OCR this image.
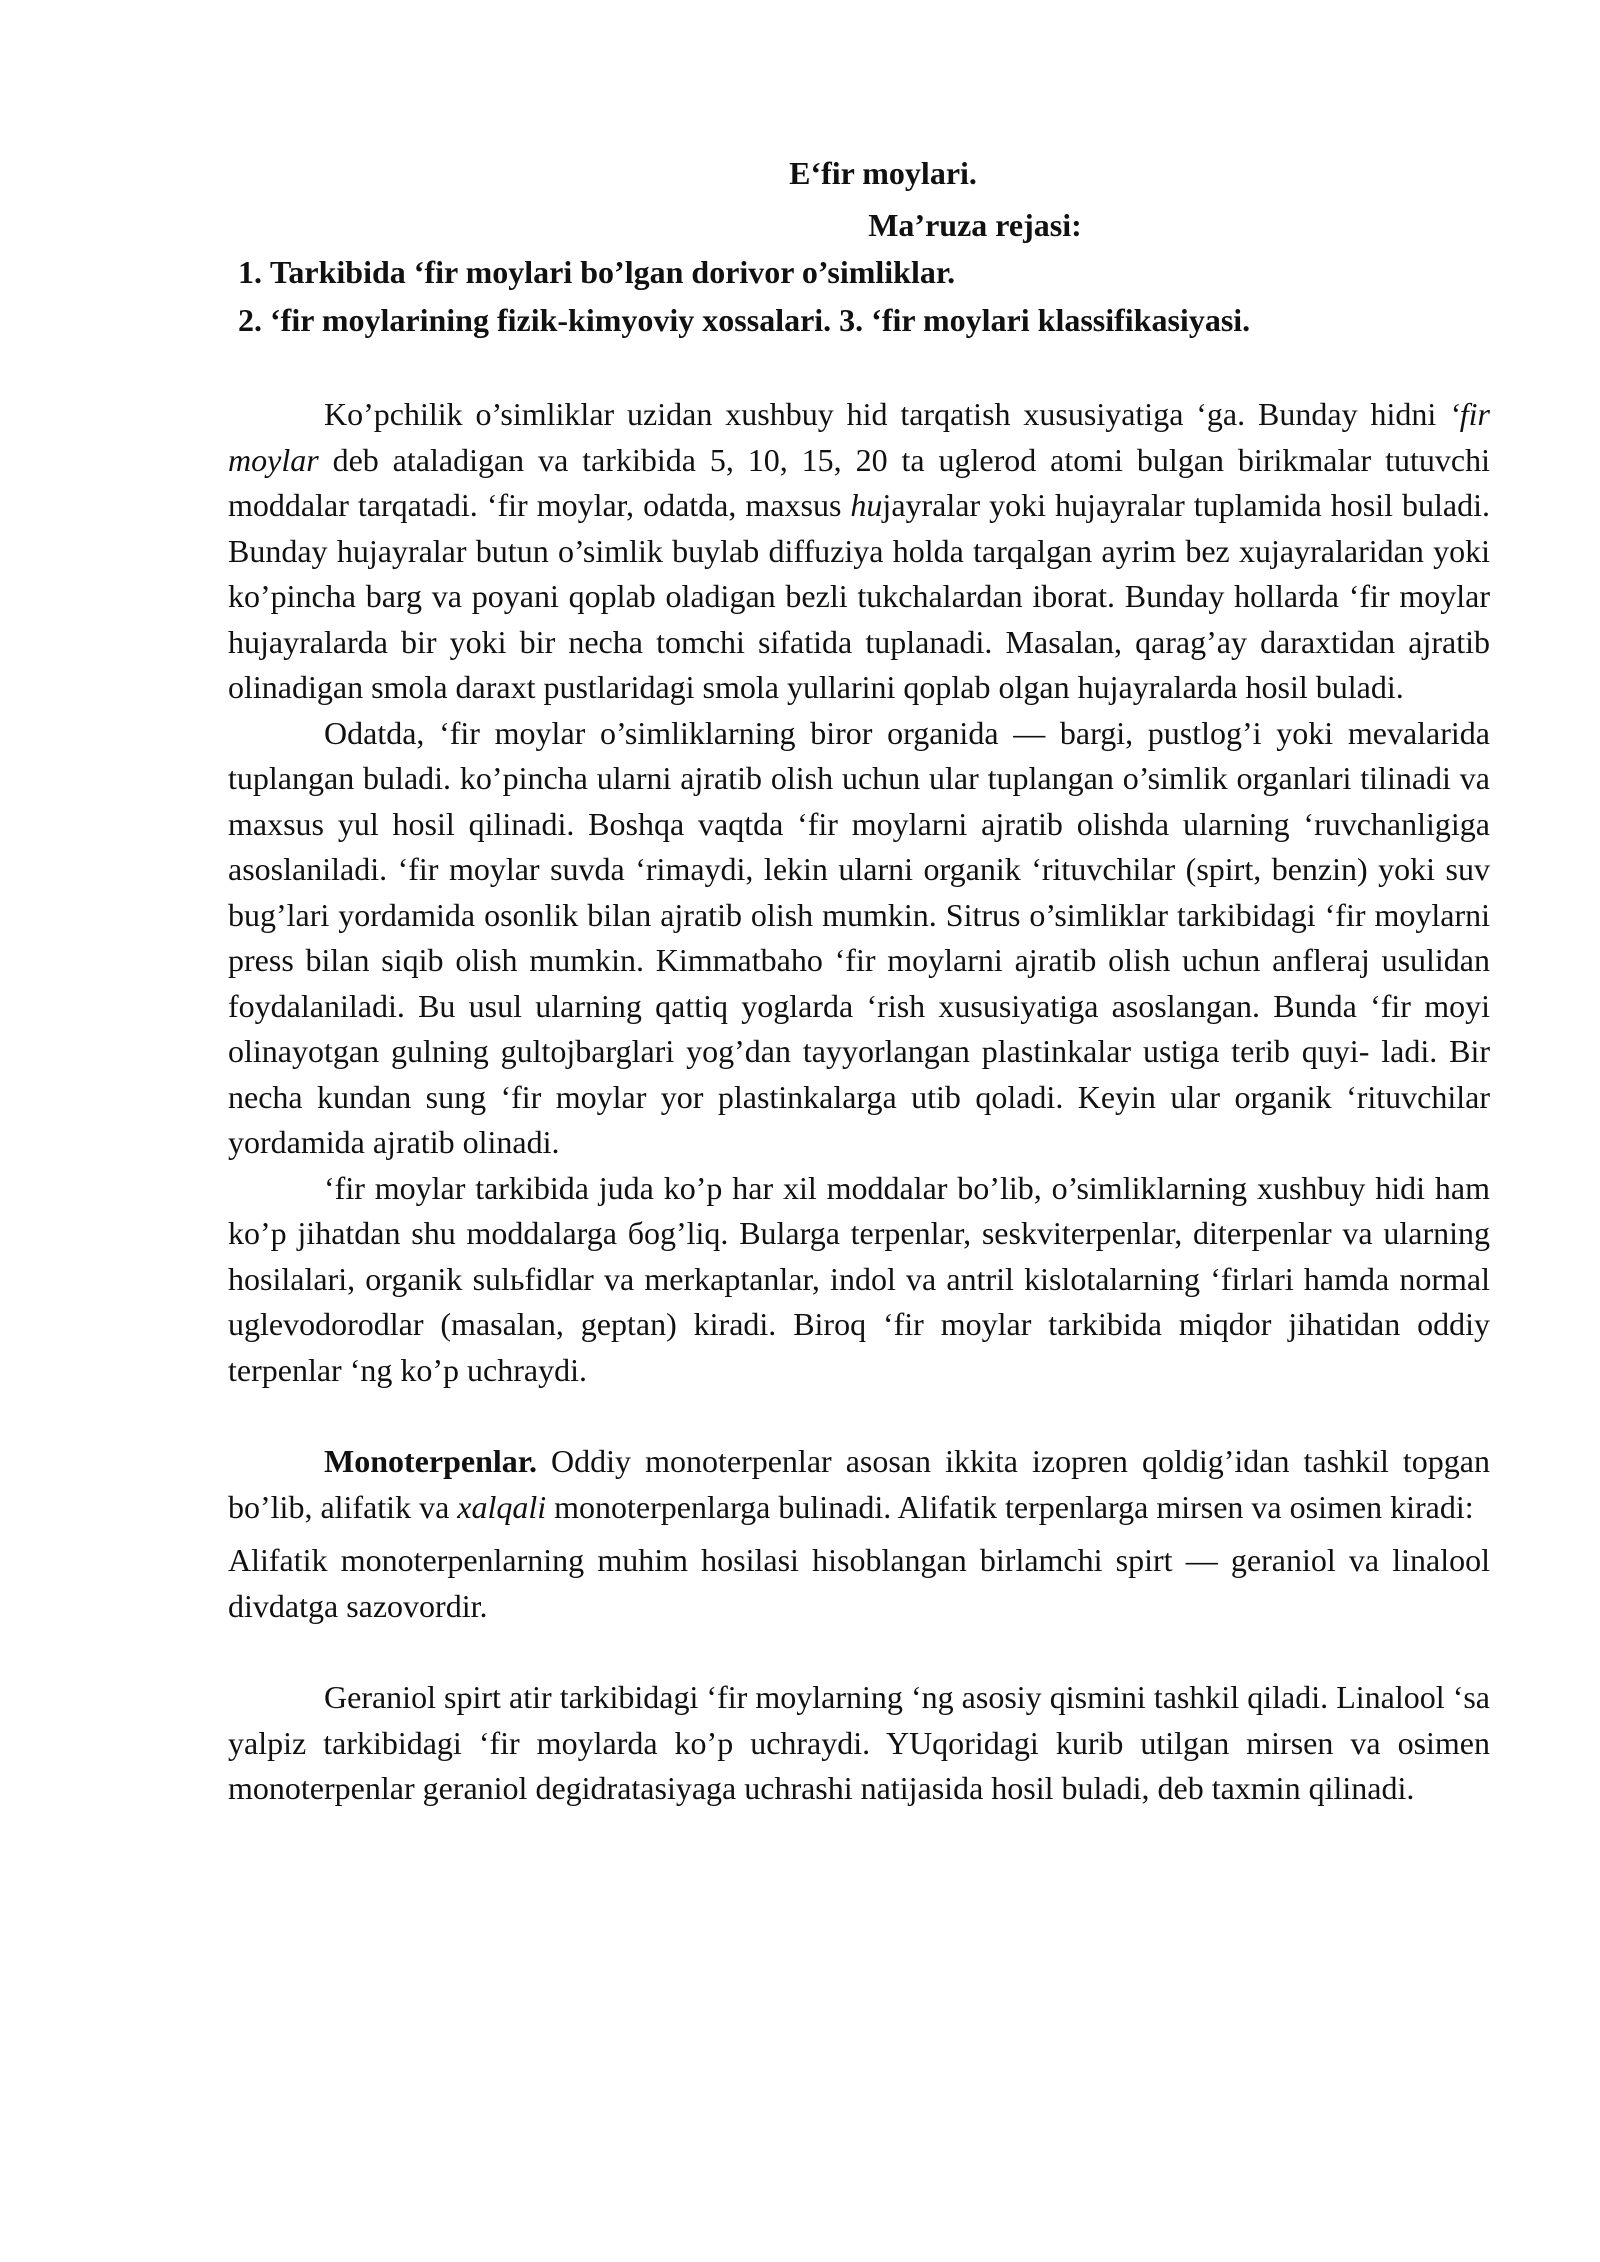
E‘fir moylari.
Ma’ruza rejasi:
1. Tarkibida ‘fir moylari bo’lgan dorivor o’simliklar.
2. ‘fir moylarining fizik-kimyoviy xossalari. 3. ‘fir moylari klassifikasiyasi.

Ko’pchilik o’simliklar uzidan xushbuy hid tarqatish xususiyatiga ‘ga. Bunday hidni ‘fir moylar deb ataladigan va tarkibida 5, 10, 15, 20 ta uglerod atomi bulgan birikmalar tutuvchi moddalar tarqatadi. ‘fir moylar, odatda, maxsus hujayralar yoki hujayralar tuplamida hosil buladi. Bunday hujayralar butun o’simlik buylab diffuziya holda tarqalgan ayrim bez xujayralaridan yoki ko’pincha barg va poyani qoplab oladigan bezli tukchalardan iborat. Bunday hollarda ‘fir moylar hujayralarda bir yoki bir necha tomchi sifatida tuplanadi. Masalan, qarag’ay daraxtidan ajratib olinadigan smola daraxt pustlaridagi smola yullarini qoplab olgan hujayralarda hosil buladi.

Odatda, ‘fir moylar o’simliklarning biror organida — bargi, pustlog’i yoki mevalarida tuplangan buladi. ko’pincha ularni ajratib olish uchun ular tuplangan o’simlik organlari tilinadi va maxsus yul hosil qilinadi. Boshqa vaqtda ‘fir moylarni ajratib olishda ularning ‘ruvchanligiga asoslaniladi. ‘fir moylar suvda ‘rimaydi, lekin ularni organik ‘rituvchilar (spirt, benzin) yoki suv bug’lari yordamida osonlik bilan ajratib olish mumkin. Sitrus o’simliklar tarkibidagi ‘fir moylarni press bilan siqib olish mumkin. Kimmatbaho ‘fir moylarni ajratib olish uchun anfleraj usulidan foydalaniladi. Bu usul ularning qattiq yoglarda ‘rish xususiyatiga asoslangan. Bunda ‘fir moyi olinayotgan gulning gultojbarglari yog’dan tayyorlangan plastinkalar ustiga terib quyi- ladi. Bir necha kundan sung ‘fir moylar yor plastinkalarga utib qoladi. Keyin ular organik ‘rituvchilar yordamida ajratib olinadi.

‘fir moylar tarkibida juda ko’p har xil moddalar bo’lib, o’simliklarning xushbuy hidi ham ko’p jihatdan shu moddalarga бog’liq. Bularga terpenlar, seskviterpenlar, diterpenlar va ularning hosilalari, organik sulьfidlar va merkaptanlar, indol va antril kislotalarning ‘firlari hamda normal uglevodorodlar (masalan, geptan) kiradi. Biroq ‘fir moylar tarkibida miqdor jihatidan oddiy terpenlar ‘ng ko’p uchraydi.

Monoterpenlar. Oddiy monoterpenlar asosan ikkita izopren qoldig’idan tashkil topgan bo’lib, alifatik va xalqali monoterpenlarga bulinadi. Alifatik terpenlarga mirsen va osimen kiradi:

Alifatik monoterpenlarning muhim hosilasi hisoblangan birlamchi spirt — geraniol va linalool divdatga sazovordir.

Geraniol spirt atir tarkibidagi ‘fir moylarning ‘ng asosiy qismini tashkil qiladi. Linalool ‘sa yalpiz tarkibidagi ‘fir moylarda ko’p uchraydi. YUqoridagi kurib utilgan mirsen va osimen monoterpenlar geraniol degidratasiyaga uchrashi natijasida hosil buladi, deb taxmin qilinadi.
